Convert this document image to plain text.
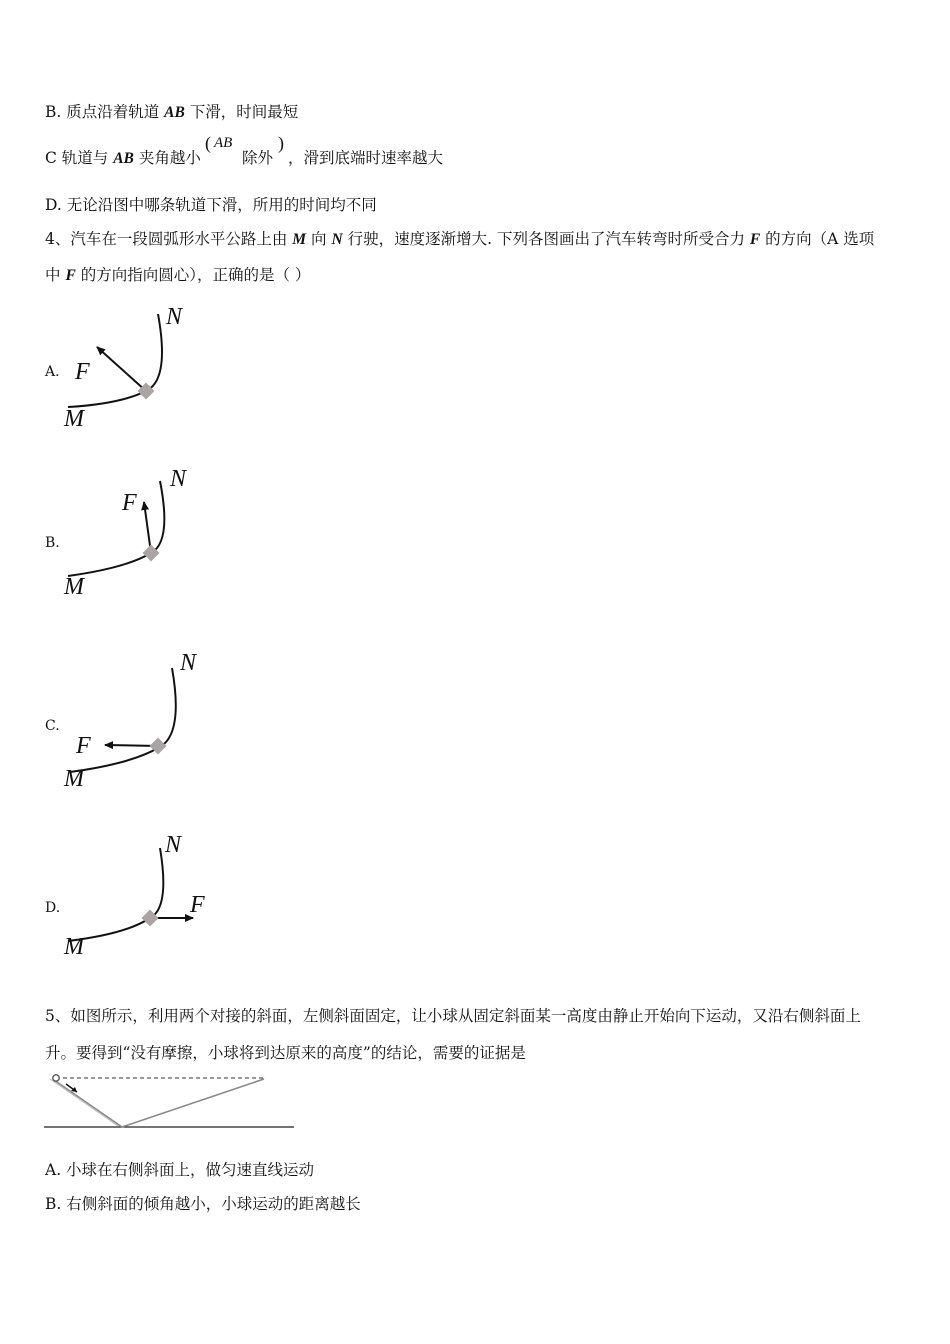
B. 质点沿着轨道 AB 下滑，时间最短
C 轨道与 AB 夹角越小
( AB
除外
)
，滑到底端时速率越大
D. 无论沿图中哪条轨道下滑，所用的时间均不同
4、汽车在一段圆弧形水平公路上由 M 向 N 行驶，速度逐渐增大. 下列各图画出了汽车转弯时所受合力 F 的方向（A 选项
中 F 的方向指向圆心），正确的是（ ）
A.
N
F
M
B.
N
F
M
C.
N
F
M
D.
N
F
M
5、如图所示，利用两个对接的斜面，左侧斜面固定，让小球从固定斜面某一高度由静止开始向下运动，又沿右侧斜面上
升。要得到“没有摩擦，小球将到达原来的高度”的结论，需要的证据是
A. 小球在右侧斜面上，做匀速直线运动
B. 右侧斜面的倾角越小，小球运动的距离越长
